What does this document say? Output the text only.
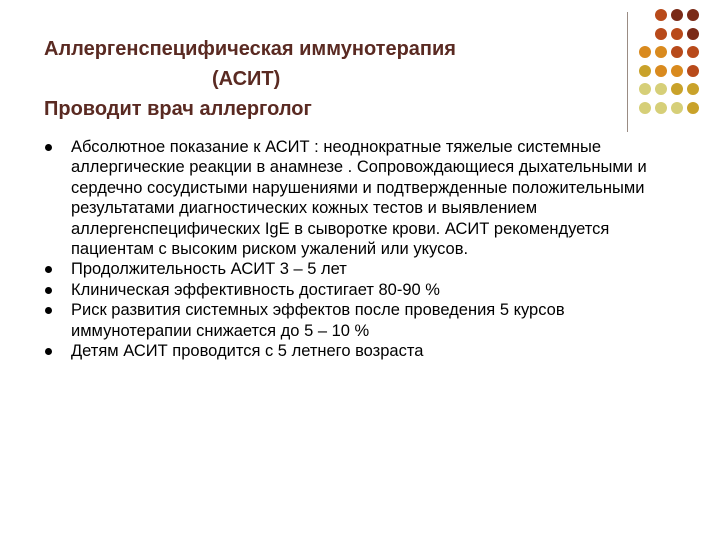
Аллергенспецифическая иммунотерапия
(АСИТ)
Проводит врач аллерголог
Абсолютное показание к АСИТ : неоднократные тяжелые системные аллергические реакции в анамнезе . Сопровождающиеся дыхательными и сердечно сосудистыми нарушениями и подтвержденные положительными результатами диагностических кожных тестов и выявлением аллергенспецифических IgE в сыворотке крови. АСИТ рекомендуется пациентам с высоким риском ужалений или укусов.
Продолжительность АСИТ 3 – 5 лет
Клиническая эффективность достигает 80-90 %
Риск развития системных эффектов после проведения 5 курсов иммунотерапии снижается до 5 – 10 %
Детям АСИТ проводится с 5 летнего возраста
